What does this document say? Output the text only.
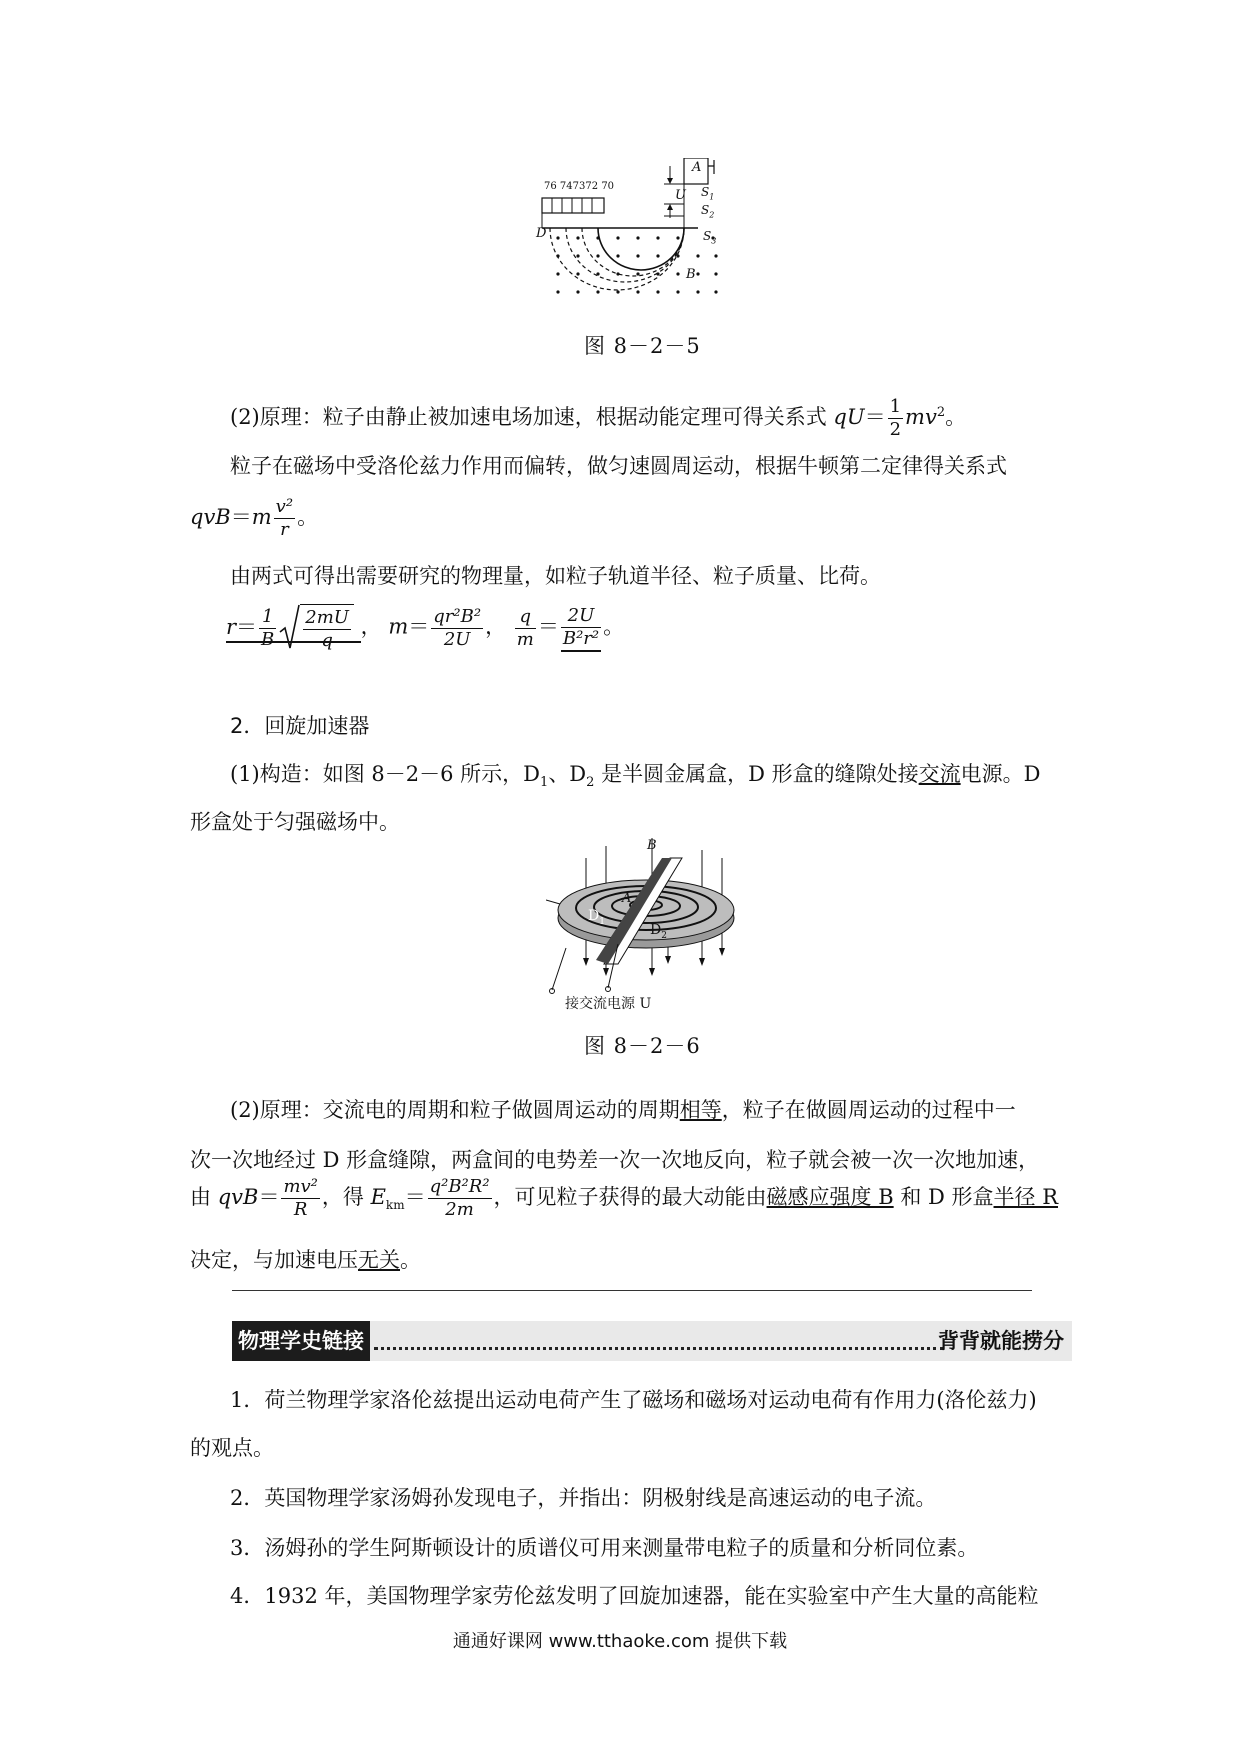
76 747372 70
A
U $S_1$
$S_2$
$S_3$
D
B
图 8－2－5
(2)原理：粒子由静止被加速电场加速，根据动能定理可得关系式 $qU= \frac{1}{2} mv^2$。
粒子在磁场中受洛伦兹力作用而偏转，做匀速圆周运动，根据牛顿第二定律得关系式
$qvB=m \frac{\text{v²}}{r}$ 。
由两式可得出需要研究的物理量，如粒子轨道半径、粒子质量、比荷。
$r= \frac{1}{B} \frac{2mU}{q}$ ， $m= \frac{\text{qr²B²}}{2U}$ ， $\frac{q}{m} = \frac{2U}{\text{B²r²}}$ 。
2．回旋加速器
(1)构造：如图 8－2－6 所示，$D_1$、$D_2$ 是半圆金属盒，D 形盒的缝隙处接交流电源。D
形盒处于匀强磁场中。
B
A
$D_1$
$D_2$
接交流电源 U
图 8－2－6
(2)原理：交流电的周期和粒子做圆周运动的周期相等，粒子在做圆周运动的过程中一
次一次地经过 D 形盒缝隙，两盒间的电势差一次一次地反向，粒子就会被一次一次地加速，
由 $qvB= \frac{\text{mv²}}{R}$ ，得 $E_{km}= \frac{\text{q²B²R²}}{2m}$ ，可见粒子获得的最大动能由磁感应强度 B 和 D 形盒半径 R
决定，与加速电压无关。
物理学史链接	背背就能捞分
1．荷兰物理学家洛伦兹提出运动电荷产生了磁场和磁场对运动电荷有作用力(洛伦兹力)
的观点。
2．英国物理学家汤姆孙发现电子，并指出：阴极射线是高速运动的电子流。
3．汤姆孙的学生阿斯顿设计的质谱仪可用来测量带电粒子的质量和分析同位素。
4．1932 年，美国物理学家劳伦兹发明了回旋加速器，能在实验室中产生大量的高能粒
通通好课网 www.tthaoke.com 提供下载
